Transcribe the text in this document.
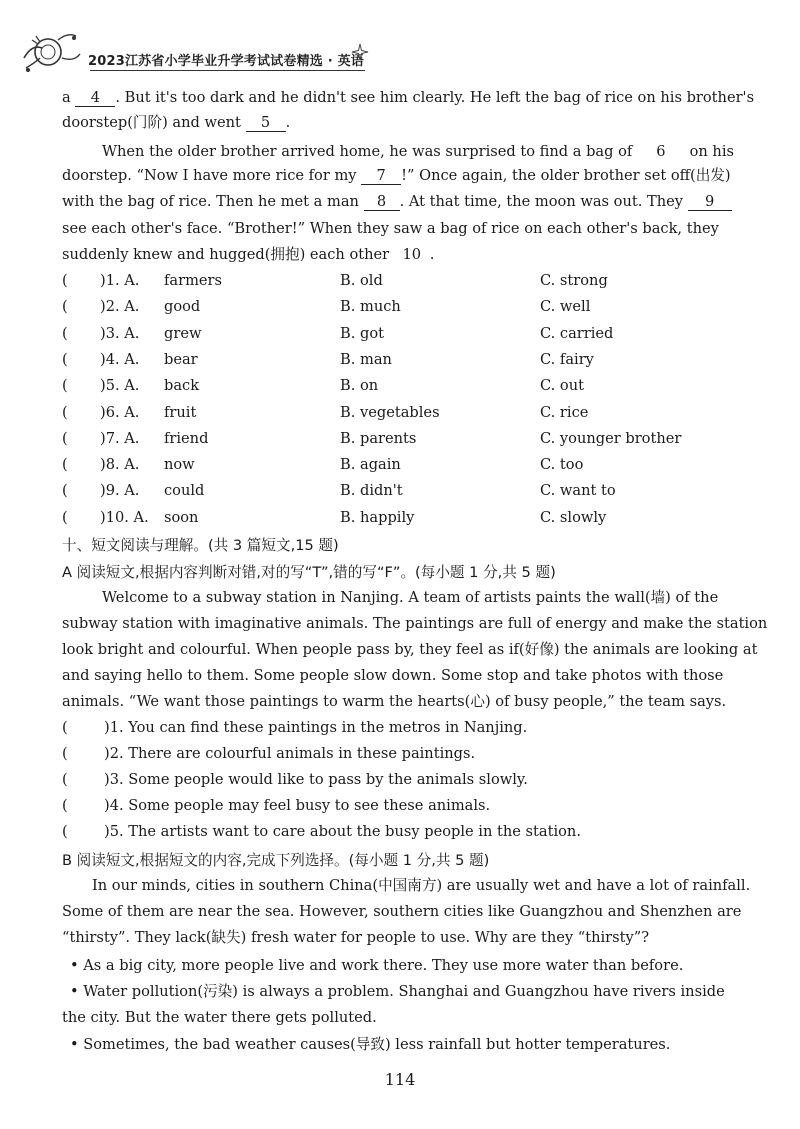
2023江苏省小学毕业升学考试试卷精选 · 英语
a 4 . But it's too dark and he didn't see him clearly. He left the bag of rice on his brother's
doorstep(门阶) and went 5 .
When the older brother arrived home, he was surprised to find a bag of 6 on his
doorstep. “Now I have more rice for my 7 !” Once again, the older brother set off(出发)
with the bag of rice. Then he met a man 8 . At that time, the moon was out. They 9
see each other's face. “Brother!” When they saw a bag of rice on each other's back, they
suddenly knew and hugged(拥抱) each other 10 .
( )1. A. farmers	B. old	C. strong
( )2. A. good	B. much	C. well
( )3. A. grew	B. got	C. carried
( )4. A. bear	B. man	C. fairy
( )5. A. back	B. on	C. out
( )6. A. fruit	B. vegetables	C. rice
( )7. A. friend	B. parents	C. younger brother
( )8. A. now	B. again	C. too
( )9. A. could	B. didn't	C. want to
( )10. A. soon	B. happily	C. slowly
十、短文阅读与理解。(共 3 篇短文,15 题)
A 阅读短文,根据内容判断对错,对的写“T”,错的写“F”。(每小题 1 分,共 5 题)
Welcome to a subway station in Nanjing. A team of artists paints the wall(墙) of the
subway station with imaginative animals. The paintings are full of energy and make the station
look bright and colourful. When people pass by, they feel as if(好像) the animals are looking at
and saying hello to them. Some people slow down. Some stop and take photos with those
animals. “We want those paintings to warm the hearts(心) of busy people,” the team says.
( )1. You can find these paintings in the metros in Nanjing.
( )2. There are colourful animals in these paintings.
( )3. Some people would like to pass by the animals slowly.
( )4. Some people may feel busy to see these animals.
( )5. The artists want to care about the busy people in the station.
B 阅读短文,根据短文的内容,完成下列选择。(每小题 1 分,共 5 题)
In our minds, cities in southern China(中国南方) are usually wet and have a lot of rainfall.
Some of them are near the sea. However, southern cities like Guangzhou and Shenzhen are
“thirsty”. They lack(缺失) fresh water for people to use. Why are they “thirsty”?
• As a big city, more people live and work there. They use more water than before.
• Water pollution(污染) is always a problem. Shanghai and Guangzhou have rivers inside
the city. But the water there gets polluted.
• Sometimes, the bad weather causes(导致) less rainfall but hotter temperatures.
114
